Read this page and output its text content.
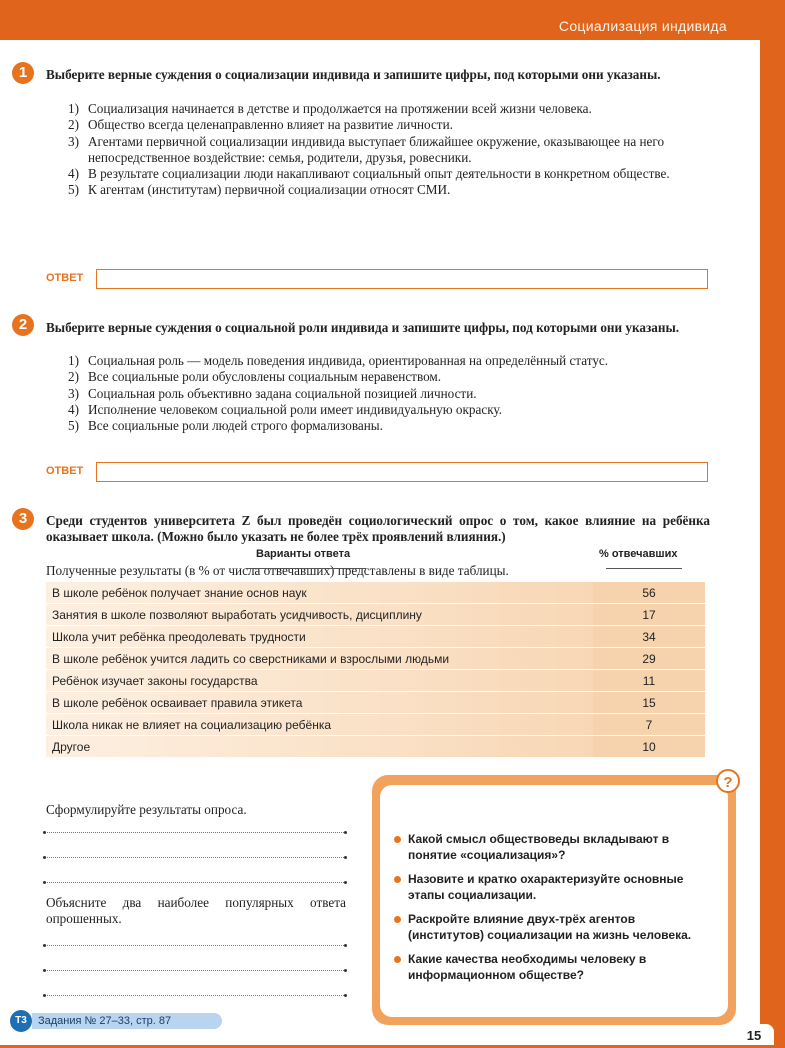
Социализация индивида
1	Выберите верные суждения о социализации индивида и запишите цифры, под которыми они указаны.
1) Социализация начинается в детстве и продолжается на протяжении всей жизни человека.
2) Общество всегда целенаправленно влияет на развитие личности.
3) Агентами первичной социализации индивида выступает ближайшее окружение, оказывающее на него непосредственное воздействие: семья, родители, друзья, ровесники.
4) В результате социализации люди накапливают социальный опыт деятельности в конкретном обществе.
5) К агентам (институтам) первичной социализации относят СМИ.
ОТВЕТ
2	Выберите верные суждения о социальной роли индивида и запишите цифры, под которыми они указаны.
1) Социальная роль — модель поведения индивида, ориентированная на определённый статус.
2) Все социальные роли обусловлены социальным неравенством.
3) Социальная роль объективно задана социальной позицией личности.
4) Исполнение человеком социальной роли имеет индивидуальную окраску.
5) Все социальные роли людей строго формализованы.
ОТВЕТ
3	Среди студентов университета Z был проведён социологический опрос о том, какое влияние на ребёнка оказывает школа. (Можно было указать не более трёх проявлений влияния.)
Полученные результаты (в % от числа отвечавших) представлены в виде таблицы.
Варианты ответа	% отвечавших
В школе ребёнок получает знание основ наук	56
Занятия в школе позволяют выработать усидчивость, дисциплину	17
Школа учит ребёнка преодолевать трудности	34
В школе ребёнок учится ладить со сверстниками и взрослыми людьми	29
Ребёнок изучает законы государства	11
В школе ребёнок осваивает правила этикета	15
Школа никак не влияет на социализацию ребёнка	7
Другое	10
Сформулируйте результаты опроса.
Объясните два наиболее популярных ответа опрошенных.
?
Какой смысл обществоведы вкладывают в понятие «социализация»?
Назовите и кратко охарактеризуйте основные этапы социализации.
Раскройте влияние двух-трёх агентов (институтов) социализации на жизнь человека.
Какие качества необходимы человеку в информационном обществе?
Т3	Задания № 27–33, стр. 87
15
